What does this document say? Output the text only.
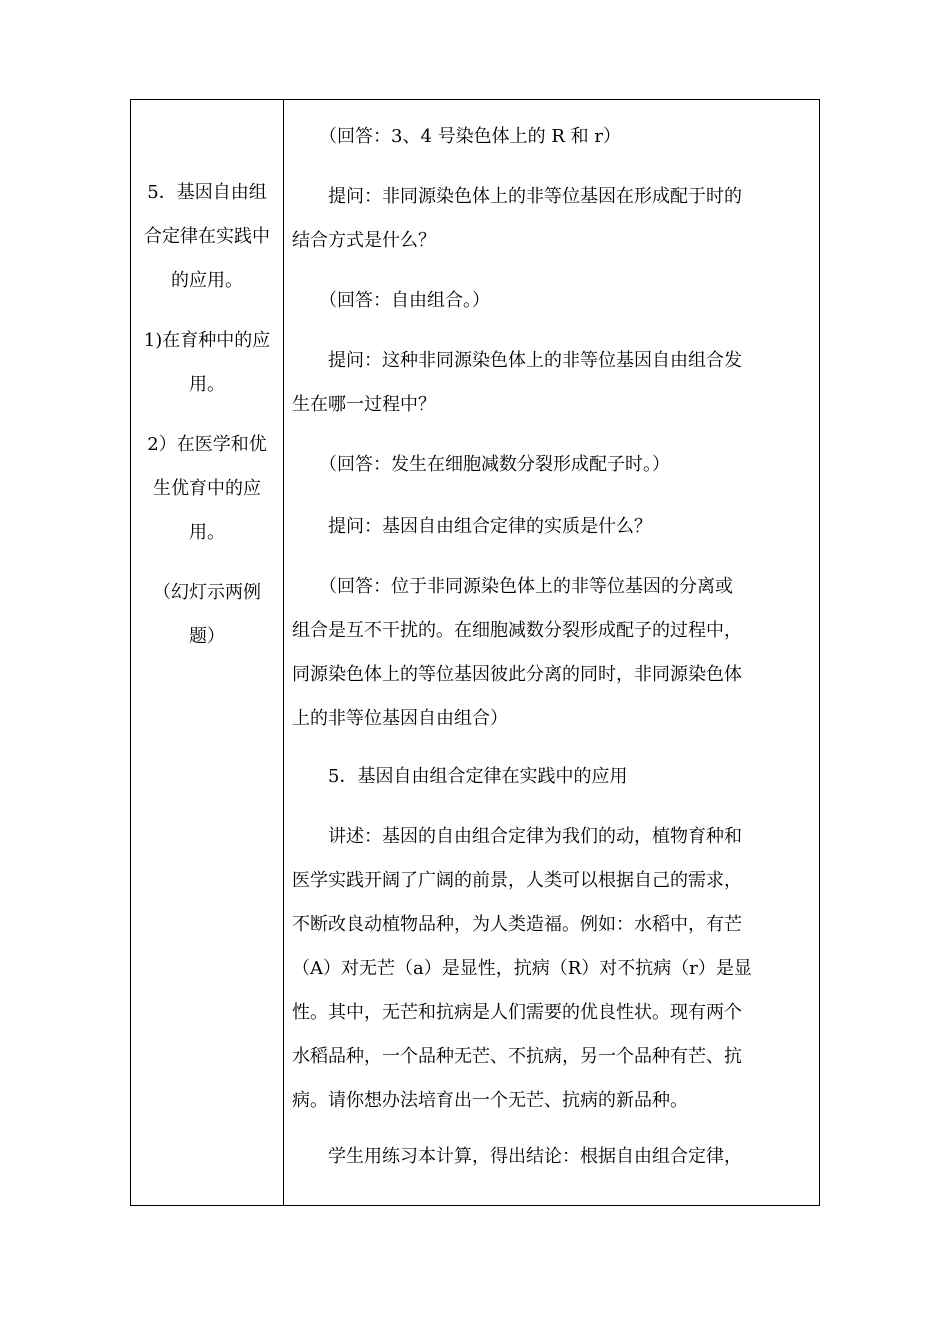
5．基因自由组
合定律在实践中
的应用。
1)在育种中的应
用。
2）在医学和优
生优育中的应
用。
（幻灯示两例
题）
　　（回答：3、4 号染色体上的 R 和 r）
　　提问：非同源染色体上的非等位基因在形成配于时的
结合方式是什么？
　　（回答：自由组合。）
　　提问：这种非同源染色体上的非等位基因自由组合发
生在哪一过程中？
　　（回答：发生在细胞减数分裂形成配子时。）
　　提问：基因自由组合定律的实质是什么？
　　（回答：位于非同源染色体上的非等位基因的分离或
组合是互不干扰的。在细胞减数分裂形成配子的过程中，
同源染色体上的等位基因彼此分离的同时，非同源染色体
上的非等位基因自由组合）
　　5．基因自由组合定律在实践中的应用
　　讲述：基因的自由组合定律为我们的动，植物育种和
医学实践开阔了广阔的前景，人类可以根据自己的需求，
不断改良动植物品种，为人类造福。例如：水稻中，有芒
（A）对无芒（a）是显性，抗病（R）对不抗病（r）是显
性。其中，无芒和抗病是人们需要的优良性状。现有两个
水稻品种，一个品种无芒、不抗病，另一个品种有芒、抗
病。请你想办法培育出一个无芒、抗病的新品种。
　　学生用练习本计算，得出结论：根据自由组合定律，
